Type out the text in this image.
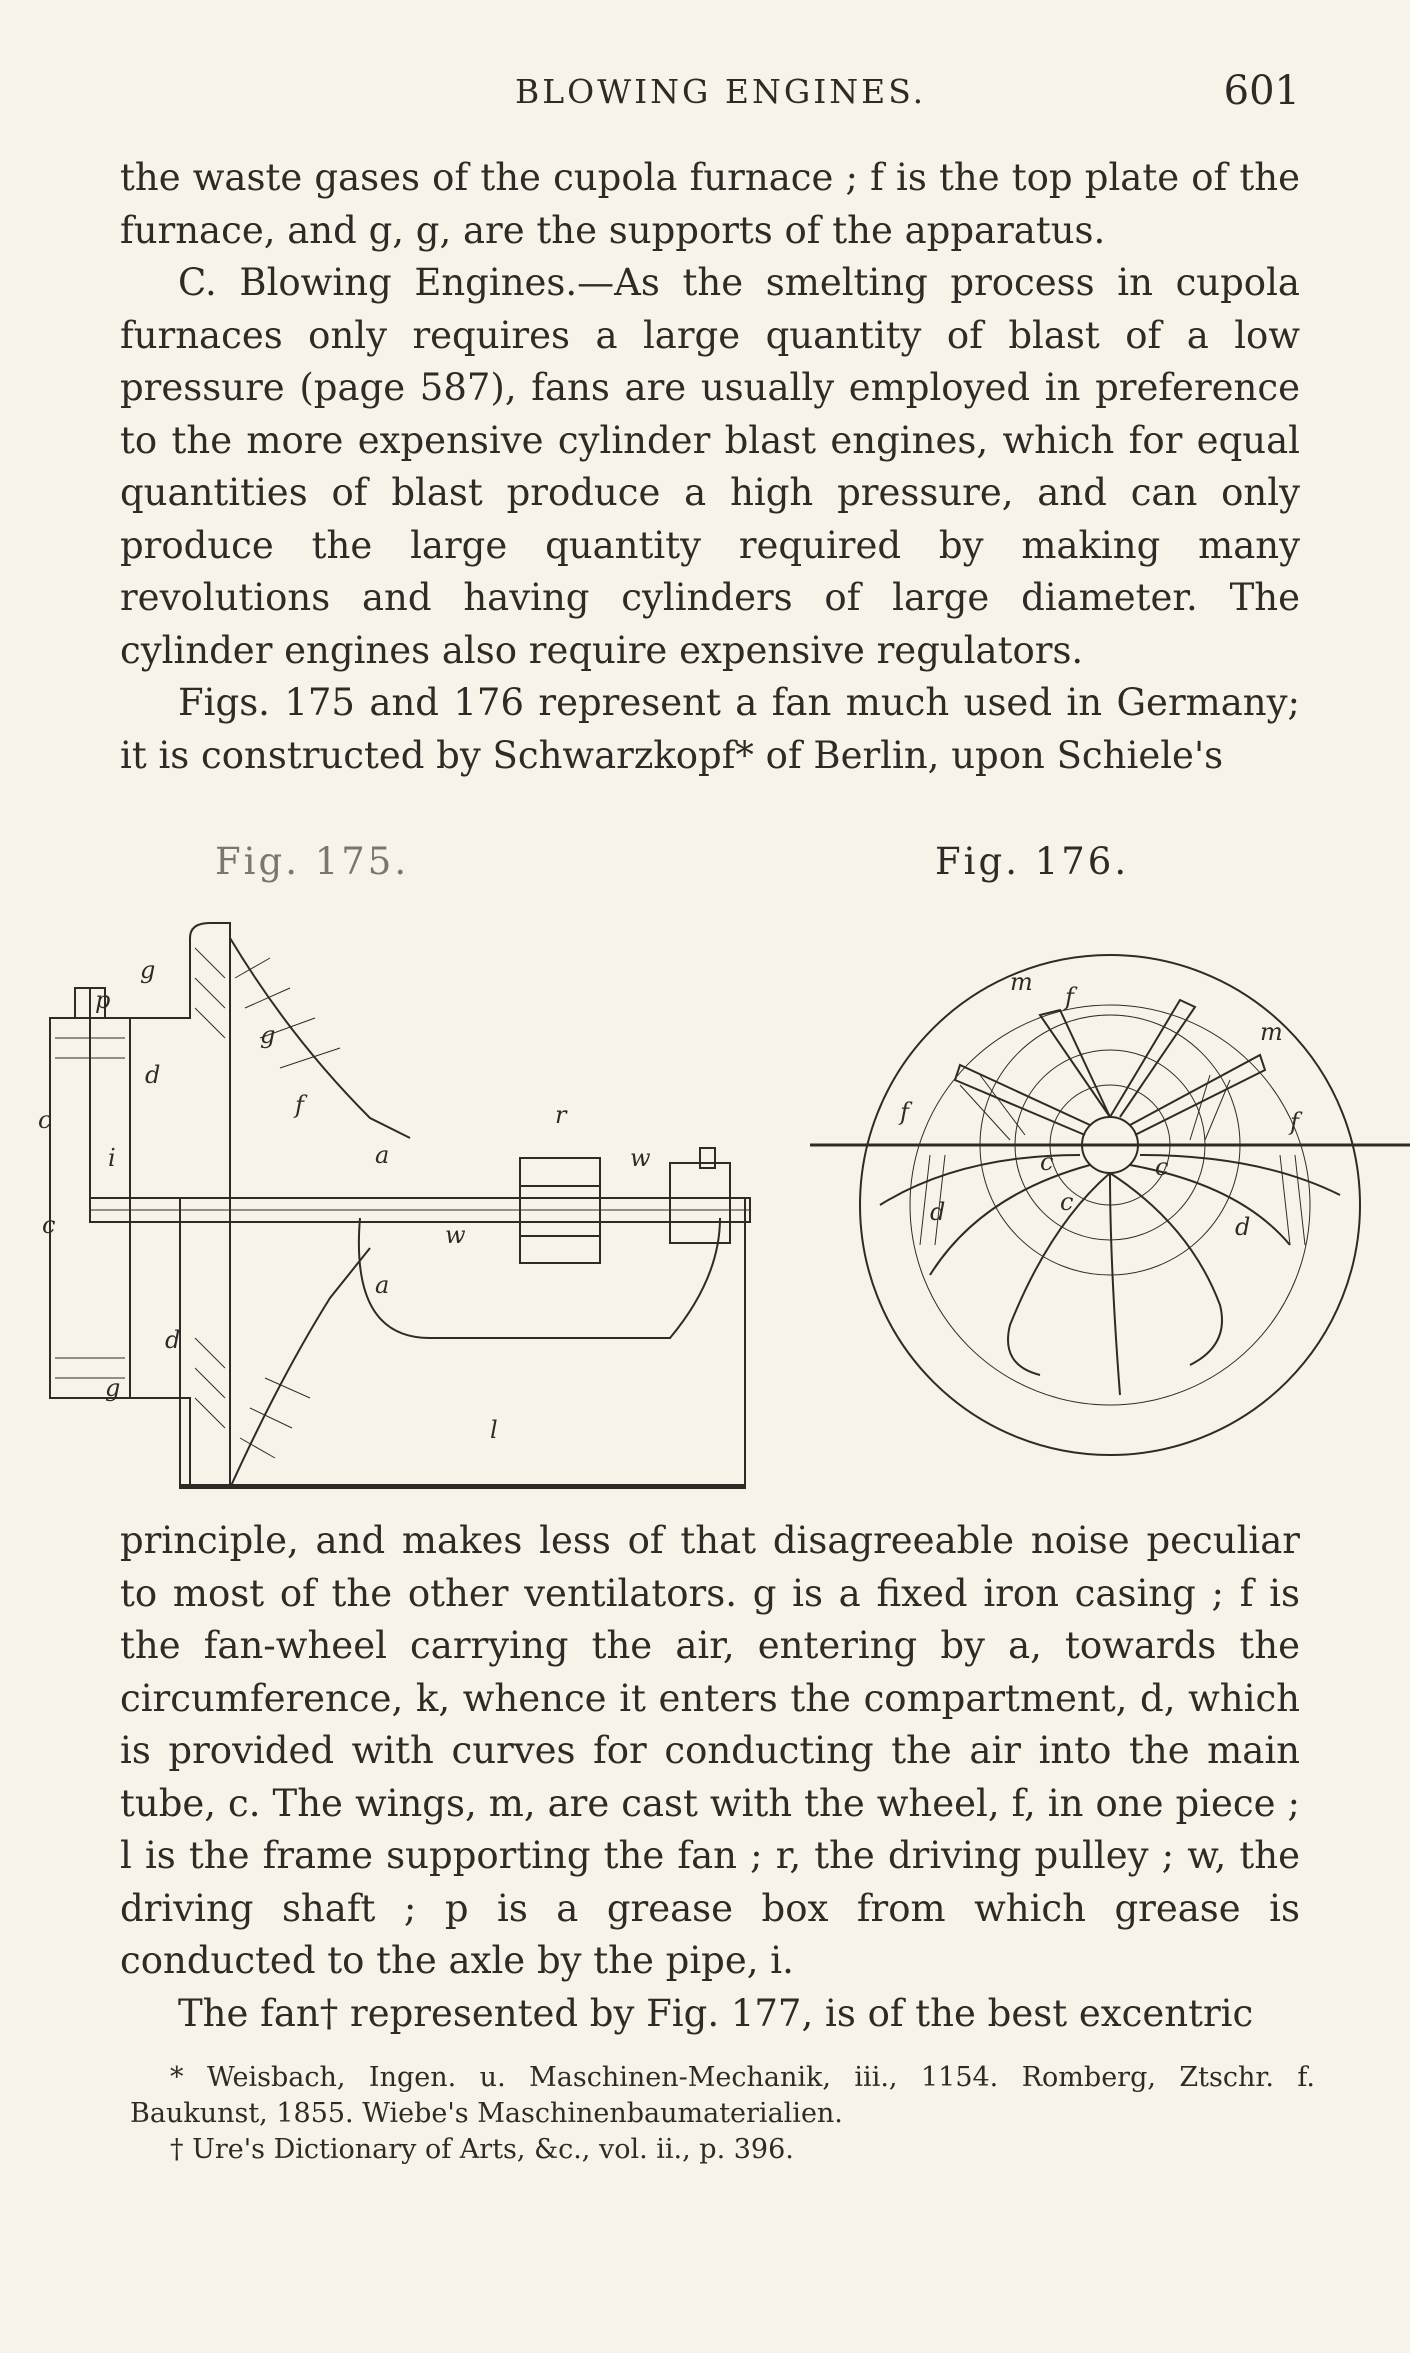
BLOWING ENGINES.	601

the waste gases of the cupola furnace ; f is the top plate of the furnace, and g, g, are the supports of the apparatus.

C. Blowing Engines.—As the smelting process in cupola furnaces only requires a large quantity of blast of a low pressure (page 587), fans are usually employed in preference to the more expensive cylinder blast engines, which for equal quantities of blast produce a high pressure, and can only produce the large quantity required by making many revolutions and having cylinders of large diameter. The cylinder engines also require expensive regulators.

Figs. 175 and 176 represent a fan much used in Germany; it is constructed by Schwarzkopf* of Berlin, upon Schiele's

Fig. 175.	Fig. 176.
g
p
d
g
f
a
r
w
i
w
a
c
c
d
g
l
m
f
m
f
f
c	c
c
d
d

principle, and makes less of that disagreeable noise peculiar to most of the other ventilators. g is a fixed iron casing ; f is the fan-wheel carrying the air, entering by a, towards the circumference, k, whence it enters the compartment, d, which is provided with curves for conducting the air into the main tube, c. The wings, m, are cast with the wheel, f, in one piece ; l is the frame supporting the fan ; r, the driving pulley ; w, the driving shaft ; p is a grease box from which grease is conducted to the axle by the pipe, i.

The fan† represented by Fig. 177, is of the best excentric

* Weisbach, Ingen. u. Maschinen-Mechanik, iii., 1154. Romberg, Ztschr. f. Baukunst, 1855. Wiebe's Maschinenbaumaterialien.

† Ure's Dictionary of Arts, &c., vol. ii., p. 396.
